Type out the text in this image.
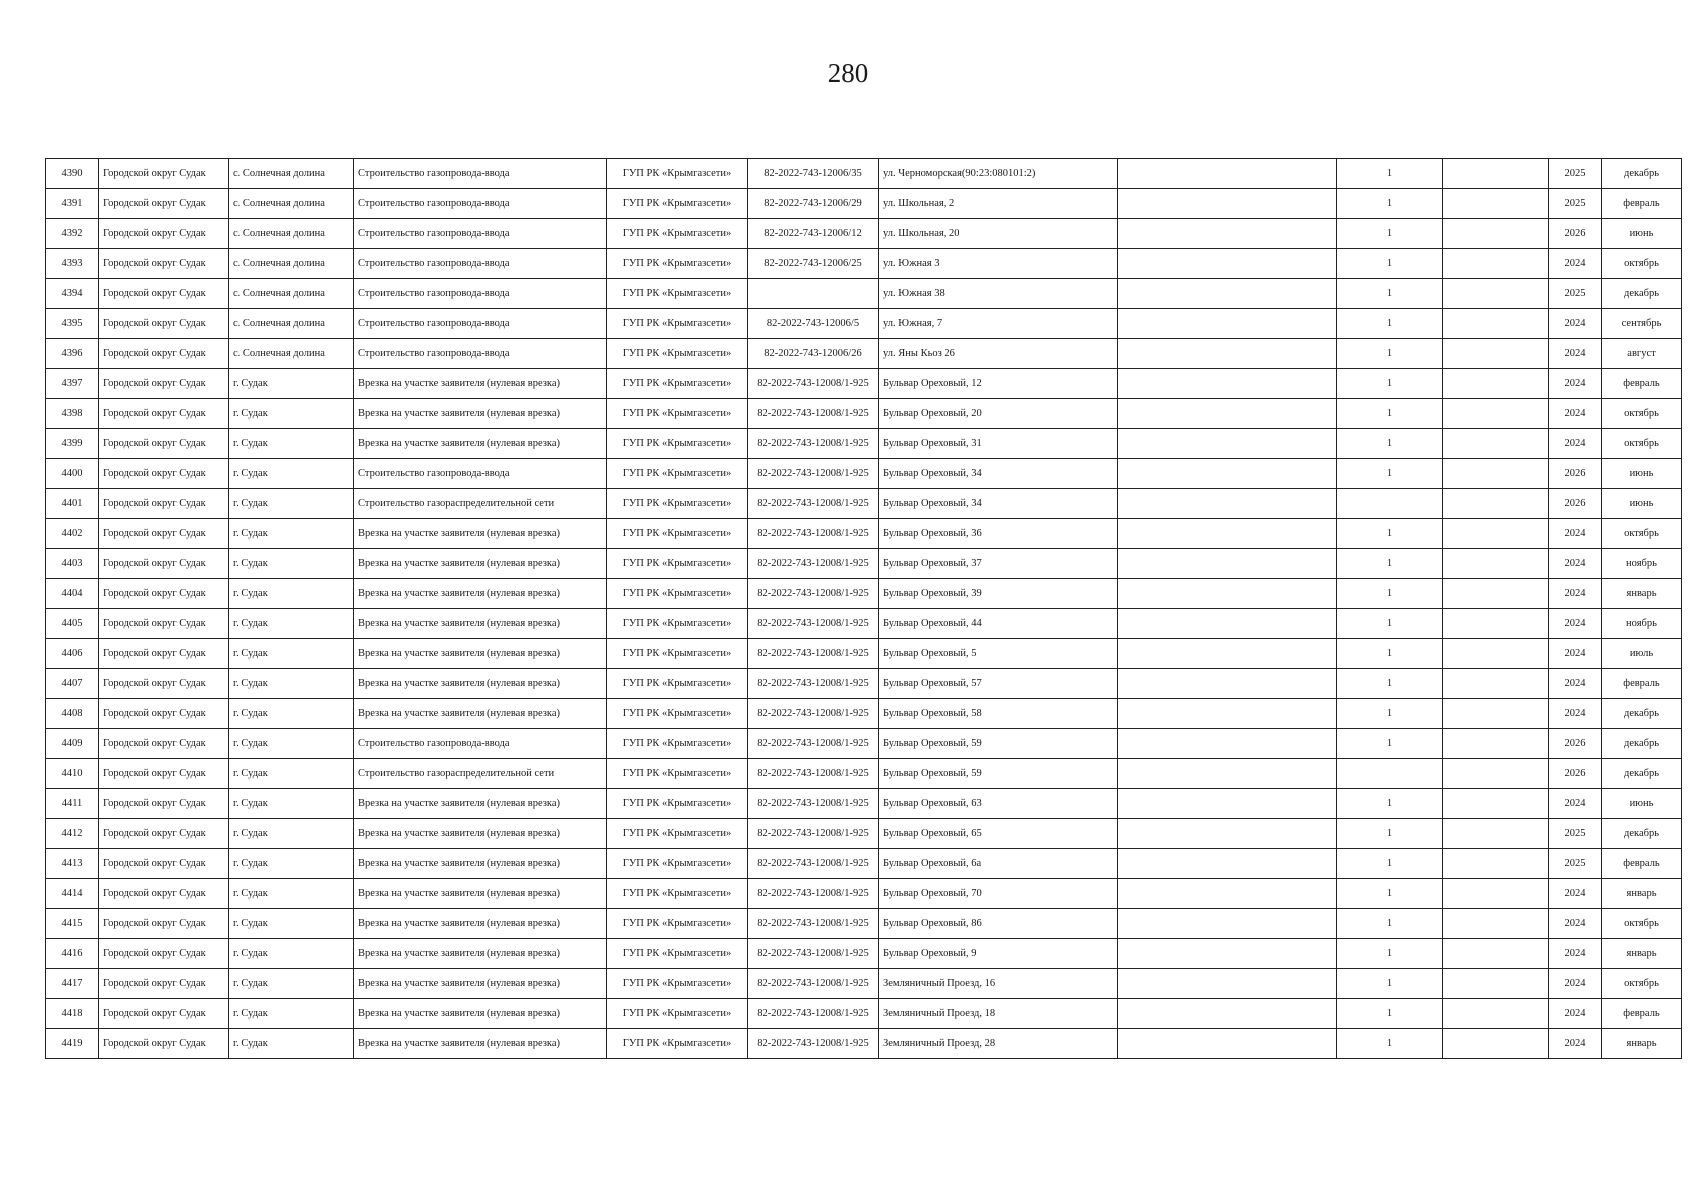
280
4390	Городской округ Судак	с. Солнечная долина	Строительство газопровода-ввода	ГУП РК «Крымгазсети»	82-2022-743-12006/35	ул. Черноморская(90:23:080101:2)		1		2025	декабрь
4391	Городской округ Судак	с. Солнечная долина	Строительство газопровода-ввода	ГУП РК «Крымгазсети»	82-2022-743-12006/29	ул. Школьная, 2		1		2025	февраль
4392	Городской округ Судак	с. Солнечная долина	Строительство газопровода-ввода	ГУП РК «Крымгазсети»	82-2022-743-12006/12	ул. Школьная, 20		1		2026	июнь
4393	Городской округ Судак	с. Солнечная долина	Строительство газопровода-ввода	ГУП РК «Крымгазсети»	82-2022-743-12006/25	ул. Южная 3		1		2024	октябрь
4394	Городской округ Судак	с. Солнечная долина	Строительство газопровода-ввода	ГУП РК «Крымгазсети»		ул. Южная 38		1		2025	декабрь
4395	Городской округ Судак	с. Солнечная долина	Строительство газопровода-ввода	ГУП РК «Крымгазсети»	82-2022-743-12006/5	ул. Южная, 7		1		2024	сентябрь
4396	Городской округ Судак	с. Солнечная долина	Строительство газопровода-ввода	ГУП РК «Крымгазсети»	82-2022-743-12006/26	ул. Яны Кьоз 26		1		2024	август
4397	Городской округ Судак	г. Судак	Врезка на участке заявителя (нулевая врезка)	ГУП РК «Крымгазсети»	82-2022-743-12008/1-925	Бульвар Ореховый, 12		1		2024	февраль
4398	Городской округ Судак	г. Судак	Врезка на участке заявителя (нулевая врезка)	ГУП РК «Крымгазсети»	82-2022-743-12008/1-925	Бульвар Ореховый, 20		1		2024	октябрь
4399	Городской округ Судак	г. Судак	Врезка на участке заявителя (нулевая врезка)	ГУП РК «Крымгазсети»	82-2022-743-12008/1-925	Бульвар Ореховый, 31		1		2024	октябрь
4400	Городской округ Судак	г. Судак	Строительство газопровода-ввода	ГУП РК «Крымгазсети»	82-2022-743-12008/1-925	Бульвар Ореховый, 34		1		2026	июнь
4401	Городской округ Судак	г. Судак	Строительство газораспределительной сети	ГУП РК «Крымгазсети»	82-2022-743-12008/1-925	Бульвар Ореховый, 34				2026	июнь
4402	Городской округ Судак	г. Судак	Врезка на участке заявителя (нулевая врезка)	ГУП РК «Крымгазсети»	82-2022-743-12008/1-925	Бульвар Ореховый, 36		1		2024	октябрь
4403	Городской округ Судак	г. Судак	Врезка на участке заявителя (нулевая врезка)	ГУП РК «Крымгазсети»	82-2022-743-12008/1-925	Бульвар Ореховый, 37		1		2024	ноябрь
4404	Городской округ Судак	г. Судак	Врезка на участке заявителя (нулевая врезка)	ГУП РК «Крымгазсети»	82-2022-743-12008/1-925	Бульвар Ореховый, 39		1		2024	январь
4405	Городской округ Судак	г. Судак	Врезка на участке заявителя (нулевая врезка)	ГУП РК «Крымгазсети»	82-2022-743-12008/1-925	Бульвар Ореховый, 44		1		2024	ноябрь
4406	Городской округ Судак	г. Судак	Врезка на участке заявителя (нулевая врезка)	ГУП РК «Крымгазсети»	82-2022-743-12008/1-925	Бульвар Ореховый, 5		1		2024	июль
4407	Городской округ Судак	г. Судак	Врезка на участке заявителя (нулевая врезка)	ГУП РК «Крымгазсети»	82-2022-743-12008/1-925	Бульвар Ореховый, 57		1		2024	февраль
4408	Городской округ Судак	г. Судак	Врезка на участке заявителя (нулевая врезка)	ГУП РК «Крымгазсети»	82-2022-743-12008/1-925	Бульвар Ореховый, 58		1		2024	декабрь
4409	Городской округ Судак	г. Судак	Строительство газопровода-ввода	ГУП РК «Крымгазсети»	82-2022-743-12008/1-925	Бульвар Ореховый, 59		1		2026	декабрь
4410	Городской округ Судак	г. Судак	Строительство газораспределительной сети	ГУП РК «Крымгазсети»	82-2022-743-12008/1-925	Бульвар Ореховый, 59				2026	декабрь
4411	Городской округ Судак	г. Судак	Врезка на участке заявителя (нулевая врезка)	ГУП РК «Крымгазсети»	82-2022-743-12008/1-925	Бульвар Ореховый, 63		1		2024	июнь
4412	Городской округ Судак	г. Судак	Врезка на участке заявителя (нулевая врезка)	ГУП РК «Крымгазсети»	82-2022-743-12008/1-925	Бульвар Ореховый, 65		1		2025	декабрь
4413	Городской округ Судак	г. Судак	Врезка на участке заявителя (нулевая врезка)	ГУП РК «Крымгазсети»	82-2022-743-12008/1-925	Бульвар Ореховый, 6а		1		2025	февраль
4414	Городской округ Судак	г. Судак	Врезка на участке заявителя (нулевая врезка)	ГУП РК «Крымгазсети»	82-2022-743-12008/1-925	Бульвар Ореховый, 70		1		2024	январь
4415	Городской округ Судак	г. Судак	Врезка на участке заявителя (нулевая врезка)	ГУП РК «Крымгазсети»	82-2022-743-12008/1-925	Бульвар Ореховый, 86		1		2024	октябрь
4416	Городской округ Судак	г. Судак	Врезка на участке заявителя (нулевая врезка)	ГУП РК «Крымгазсети»	82-2022-743-12008/1-925	Бульвар Ореховый, 9		1		2024	январь
4417	Городской округ Судак	г. Судак	Врезка на участке заявителя (нулевая врезка)	ГУП РК «Крымгазсети»	82-2022-743-12008/1-925	Земляничный Проезд, 16		1		2024	октябрь
4418	Городской округ Судак	г. Судак	Врезка на участке заявителя (нулевая врезка)	ГУП РК «Крымгазсети»	82-2022-743-12008/1-925	Земляничный Проезд, 18		1		2024	февраль
4419	Городской округ Судак	г. Судак	Врезка на участке заявителя (нулевая врезка)	ГУП РК «Крымгазсети»	82-2022-743-12008/1-925	Земляничный Проезд, 28		1		2024	январь
